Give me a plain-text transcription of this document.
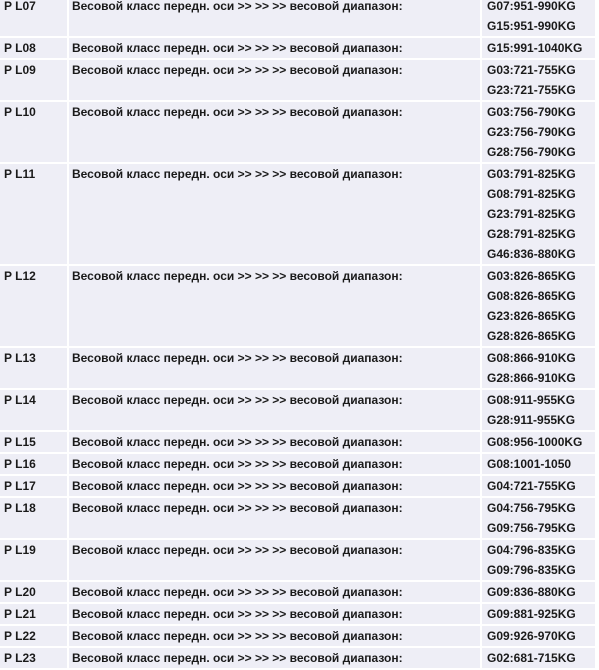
P L07	Весовой класс передн. оси >> >> >> весовой диапазон:	G07:951-990KG
G15:951-990KG

P L08	Весовой класс передн. оси >> >> >> весовой диапазон:	G15:991-1040KG

P L09	Весовой класс передн. оси >> >> >> весовой диапазон:	G03:721-755KG
G23:721-755KG

P L10	Весовой класс передн. оси >> >> >> весовой диапазон:	G03:756-790KG
G23:756-790KG
G28:756-790KG

P L11	Весовой класс передн. оси >> >> >> весовой диапазон:	G03:791-825KG
G08:791-825KG
G23:791-825KG
G28:791-825KG
G46:836-880KG

P L12	Весовой класс передн. оси >> >> >> весовой диапазон:	G03:826-865KG
G08:826-865KG
G23:826-865KG
G28:826-865KG

P L13	Весовой класс передн. оси >> >> >> весовой диапазон:	G08:866-910KG
G28:866-910KG

P L14	Весовой класс передн. оси >> >> >> весовой диапазон:	G08:911-955KG
G28:911-955KG

P L15	Весовой класс передн. оси >> >> >> весовой диапазон:	G08:956-1000KG

P L16	Весовой класс передн. оси >> >> >> весовой диапазон:	G08:1001-1050

P L17	Весовой класс передн. оси >> >> >> весовой диапазон:	G04:721-755KG

P L18	Весовой класс передн. оси >> >> >> весовой диапазон:	G04:756-795KG
G09:756-795KG

P L19	Весовой класс передн. оси >> >> >> весовой диапазон:	G04:796-835KG
G09:796-835KG

P L20	Весовой класс передн. оси >> >> >> весовой диапазон:	G09:836-880KG

P L21	Весовой класс передн. оси >> >> >> весовой диапазон:	G09:881-925KG

P L22	Весовой класс передн. оси >> >> >> весовой диапазон:	G09:926-970KG

P L23	Весовой класс передн. оси >> >> >> весовой диапазон:	G02:681-715KG
